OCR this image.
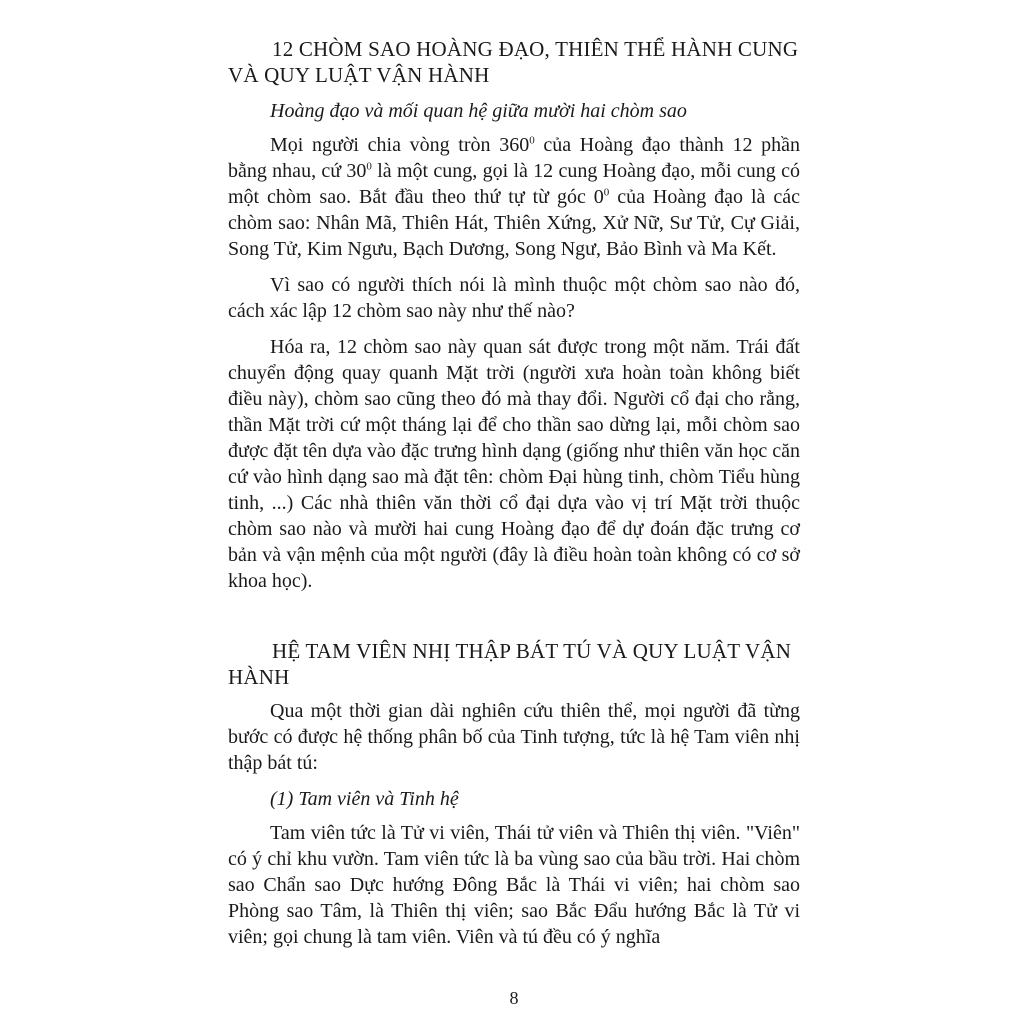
12 CHÒM SAO HOÀNG ĐẠO, THIÊN THỂ HÀNH CUNG
VÀ QUY LUẬT VẬN HÀNH

Hoàng đạo và mối quan hệ giữa mười hai chòm sao

Mọi người chia vòng tròn $360^0$ của Hoàng đạo thành 12 phần bằng nhau, cứ $30^0$ là một cung, gọi là 12 cung Hoàng đạo, mỗi cung có một chòm sao. Bắt đầu theo thứ tự từ góc $0^0$ của Hoàng đạo là các chòm sao: Nhân Mã, Thiên Hát, Thiên Xứng, Xử Nữ, Sư Tử, Cự Giải, Song Tử, Kim Ngưu, Bạch Dương, Song Ngư, Bảo Bình và Ma Kết.

Vì sao có người thích nói là mình thuộc một chòm sao nào đó, cách xác lập 12 chòm sao này như thế nào?

Hóa ra, 12 chòm sao này quan sát được trong một năm. Trái đất chuyển động quay quanh Mặt trời (người xưa hoàn toàn không biết điều này), chòm sao cũng theo đó mà thay đổi. Người cổ đại cho rằng, thần Mặt trời cứ một tháng lại để cho thần sao dừng lại, mỗi chòm sao được đặt tên dựa vào đặc trưng hình dạng (giống như thiên văn học căn cứ vào hình dạng sao mà đặt tên: chòm Đại hùng tinh, chòm Tiểu hùng tinh, ...) Các nhà thiên văn thời cổ đại dựa vào vị trí Mặt trời thuộc chòm sao nào và mười hai cung Hoàng đạo để dự đoán đặc trưng cơ bản và vận mệnh của một người (đây là điều hoàn toàn không có cơ sở khoa học).

HỆ TAM VIÊN NHỊ THẬP BÁT TÚ VÀ QUY LUẬT VẬN
HÀNH

Qua một thời gian dài nghiên cứu thiên thể, mọi người đã từng bước có được hệ thống phân bố của Tinh tượng, tức là hệ Tam viên nhị thập bát tú:

(1) Tam viên và Tinh hệ

Tam viên tức là Tử vi viên, Thái tử viên và Thiên thị viên. "Viên" có ý chỉ khu vườn. Tam viên tức là ba vùng sao của bầu trời. Hai chòm sao Chẩn sao Dực hướng Đông Bắc là Thái vi viên; hai chòm sao Phòng sao Tâm, là Thiên thị viên; sao Bắc Đẩu hướng Bắc là Tử vi viên; gọi chung là tam viên. Viên và tú đều có ý nghĩa

8
